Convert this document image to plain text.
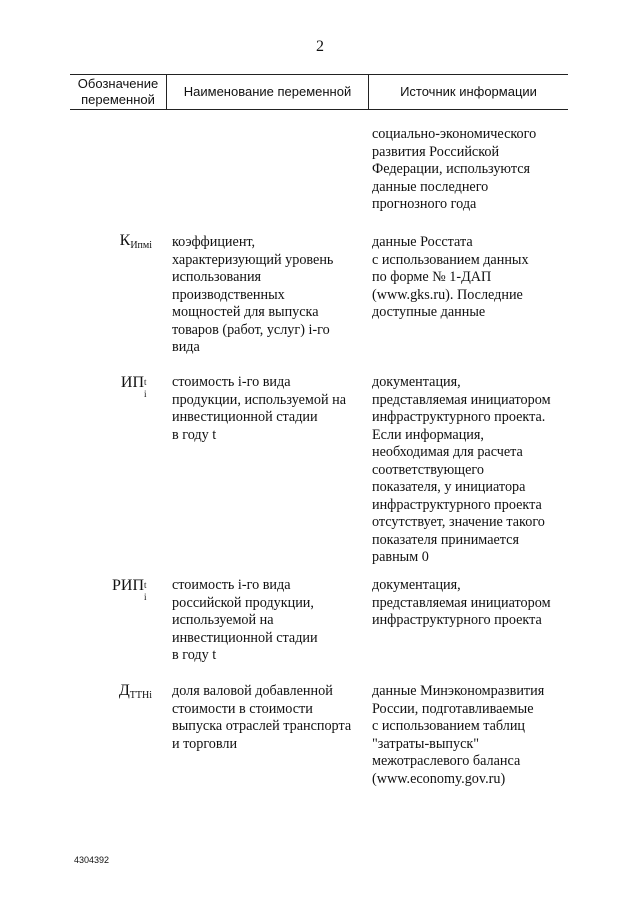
2
Обозначение
переменной
Наименование переменной	Источник информации
социально-экономического
развития Российской
Федерации, используются
данные последнего
прогнозного года
$К_{Ипмi}$ коэффициент,
характеризующий уровень
использования
производственных
мощностей для выпуска
товаров (работ, услуг) i-го
вида
данные Росстата
с использованием данных
по форме № 1-ДАП
(www.gks.ru). Последние
доступные данные
ИП t
i
стоимость i-го вида
продукции, используемой на
инвестиционной стадии
в году t
документация,
представляемая инициатором
инфраструктурного проекта.
Если информация,
необходимая для расчета
соответствующего
показателя, у инициатора
инфраструктурного проекта
отсутствует, значение такого
показателя принимается
равным 0
РИП t
i
стоимость i-го вида
российской продукции,
используемой на
инвестиционной стадии
в году t
документация,
представляемая инициатором
инфраструктурного проекта
$Д_{ТТНi}$ доля валовой добавленной
стоимости в стоимости
выпуска отраслей транспорта
и торговли
данные Минэкономразвития
России, подготавливаемые
с использованием таблиц
"затраты-выпуск"
межотраслевого баланса
(www.economy.gov.ru)
4304392
